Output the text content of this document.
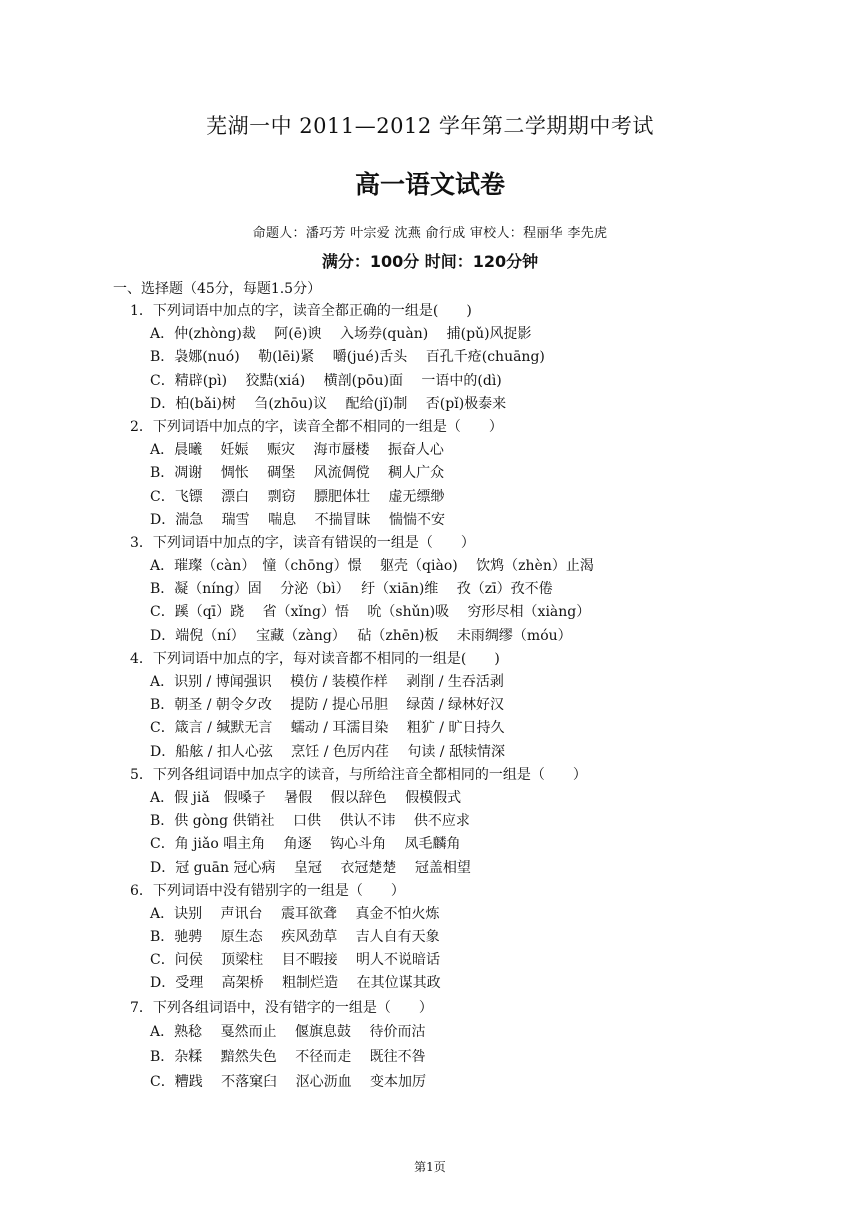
芜湖一中 2011—2012 学年第二学期期中考试
高一语文试卷
命题人：潘巧芳 叶宗爱 沈燕 俞行成 审校人：程丽华 李先虎
满分：100分 时间：120分钟
一、选择题（45分，每题1.5分）
1．下列词语中加点的字，读音全都正确的一组是(　　)
A．仲(zhòng)裁　 阿(ē)谀　 入场券(quàn)　 捕(pǔ)风捉影
B．袅娜(nuó)　 勒(lēi)紧　 嚼(jué)舌头　 百孔千疮(chuāng)
C．精辟(pì)　 狡黠(xiá)　 横剖(pōu)面　 一语中的(dì)
D．柏(bǎi)树　 刍(zhōu)议　 配给(jǐ)制　 否(pǐ)极泰来
2．下列词语中加点的字，读音全都不相同的一组是（　　）
A．晨曦　 妊娠　 赈灾　 海市蜃楼　 振奋人心
B．凋谢　 惆怅　 碉堡　 风流倜傥　 稠人广众
C．飞镖　 漂白　 剽窃　 膘肥体壮　 虚无缥缈
D．湍急　 瑞雪　 喘息　 不揣冒昧　 惴惴不安
3．下列词语中加点的字，读音有错误的一组是（　　）
A．璀璨（càn）　憧（chōng）憬　 躯壳（qiào)　 饮鸩（zhèn）止渴
B．凝（níng）固　 分泌（bì）　 纡（xiān)维　 孜（zī）孜不倦
C．蹊（qī）跷　 省（xǐng）悟　 吮（shǔn)吸　 穷形尽相（xiàng）
D．端倪（ní）　 宝藏（zàng）　 砧（zhēn)板　 未雨绸缪（móu）
4．下列词语中加点的字，每对读音都不相同的一组是(　　)
A．识别 / 博闻强识　 模仿 / 装模作样　 剥削 / 生吞活剥
B．朝圣 / 朝令夕改　 提防 / 提心吊胆　 绿茵 / 绿林好汉
C．箴言 / 缄默无言　 蠕动 / 耳濡目染　 粗犷 / 旷日持久
D．船舷 / 扣人心弦　 烹饪 / 色厉内荏　 句读 / 舐犊情深
5．下列各组词语中加点字的读音，与所给注音全都相同的一组是（　　）
A．假 jiǎ　假嗓子　 暑假　 假以辞色　 假模假式
B．供 gòng 供销社　 口供　 供认不讳　 供不应求
C．角 jiǎo 唱主角　 角逐　 钩心斗角　 凤毛麟角
D．冠 guān 冠心病　 皇冠　 衣冠楚楚　 冠盖相望
6．下列词语中没有错别字的一组是（　　）
A．诀别　 声讯台　 震耳欲聋　 真金不怕火炼
B．驰骋　 原生态　 疾风劲草　 吉人自有天象
C．问侯　 顶梁柱　 目不暇接　 明人不说暗话
D．受理　 高架桥　 粗制烂造　 在其位谋其政
7．下列各组词语中，没有错字的一组是（　　）
A．熟稔　 戛然而止　 偃旗息鼓　 待价而沽
B．杂糅　 黯然失色　 不径而走　 既往不咎
C．糟践　 不落窠臼　 沤心沥血　 变本加厉
第1页
